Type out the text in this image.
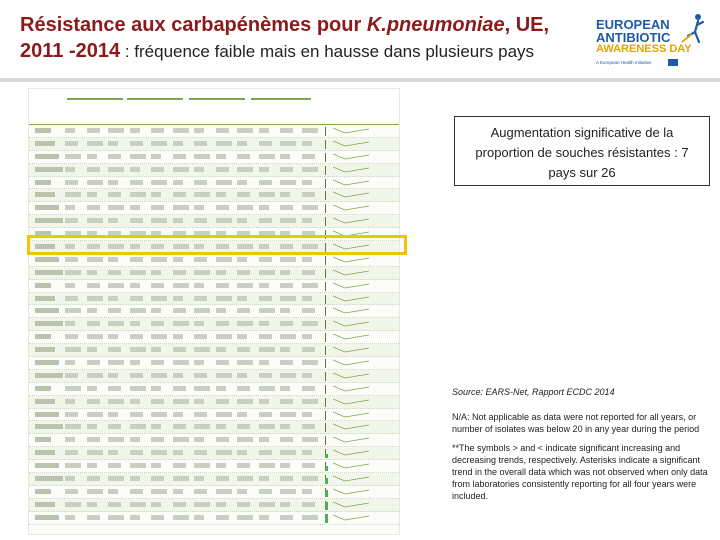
Résistance aux carbapénèmes pour K.pneumoniae, UE,
2011 -2014 : fréquence faible mais en hausse dans plusieurs pays
EUROPEAN
ANTIBIOTIC
AWARENESS DAY
A European Health Initiative
Augmentation significative de la proportion de souches résistantes : 7 pays sur 26
Source: EARS-Net, Rapport ECDC 2014
N/A: Not applicable as data were not reported for all years, or number of isolates was below 20 in any year during the period
**The symbols > and < indicate significant increasing and decreasing trends, respectively. Asterisks indicate a significant trend in the overall data which was not observed when only data from laboratories consistently reporting for all four years were included.
